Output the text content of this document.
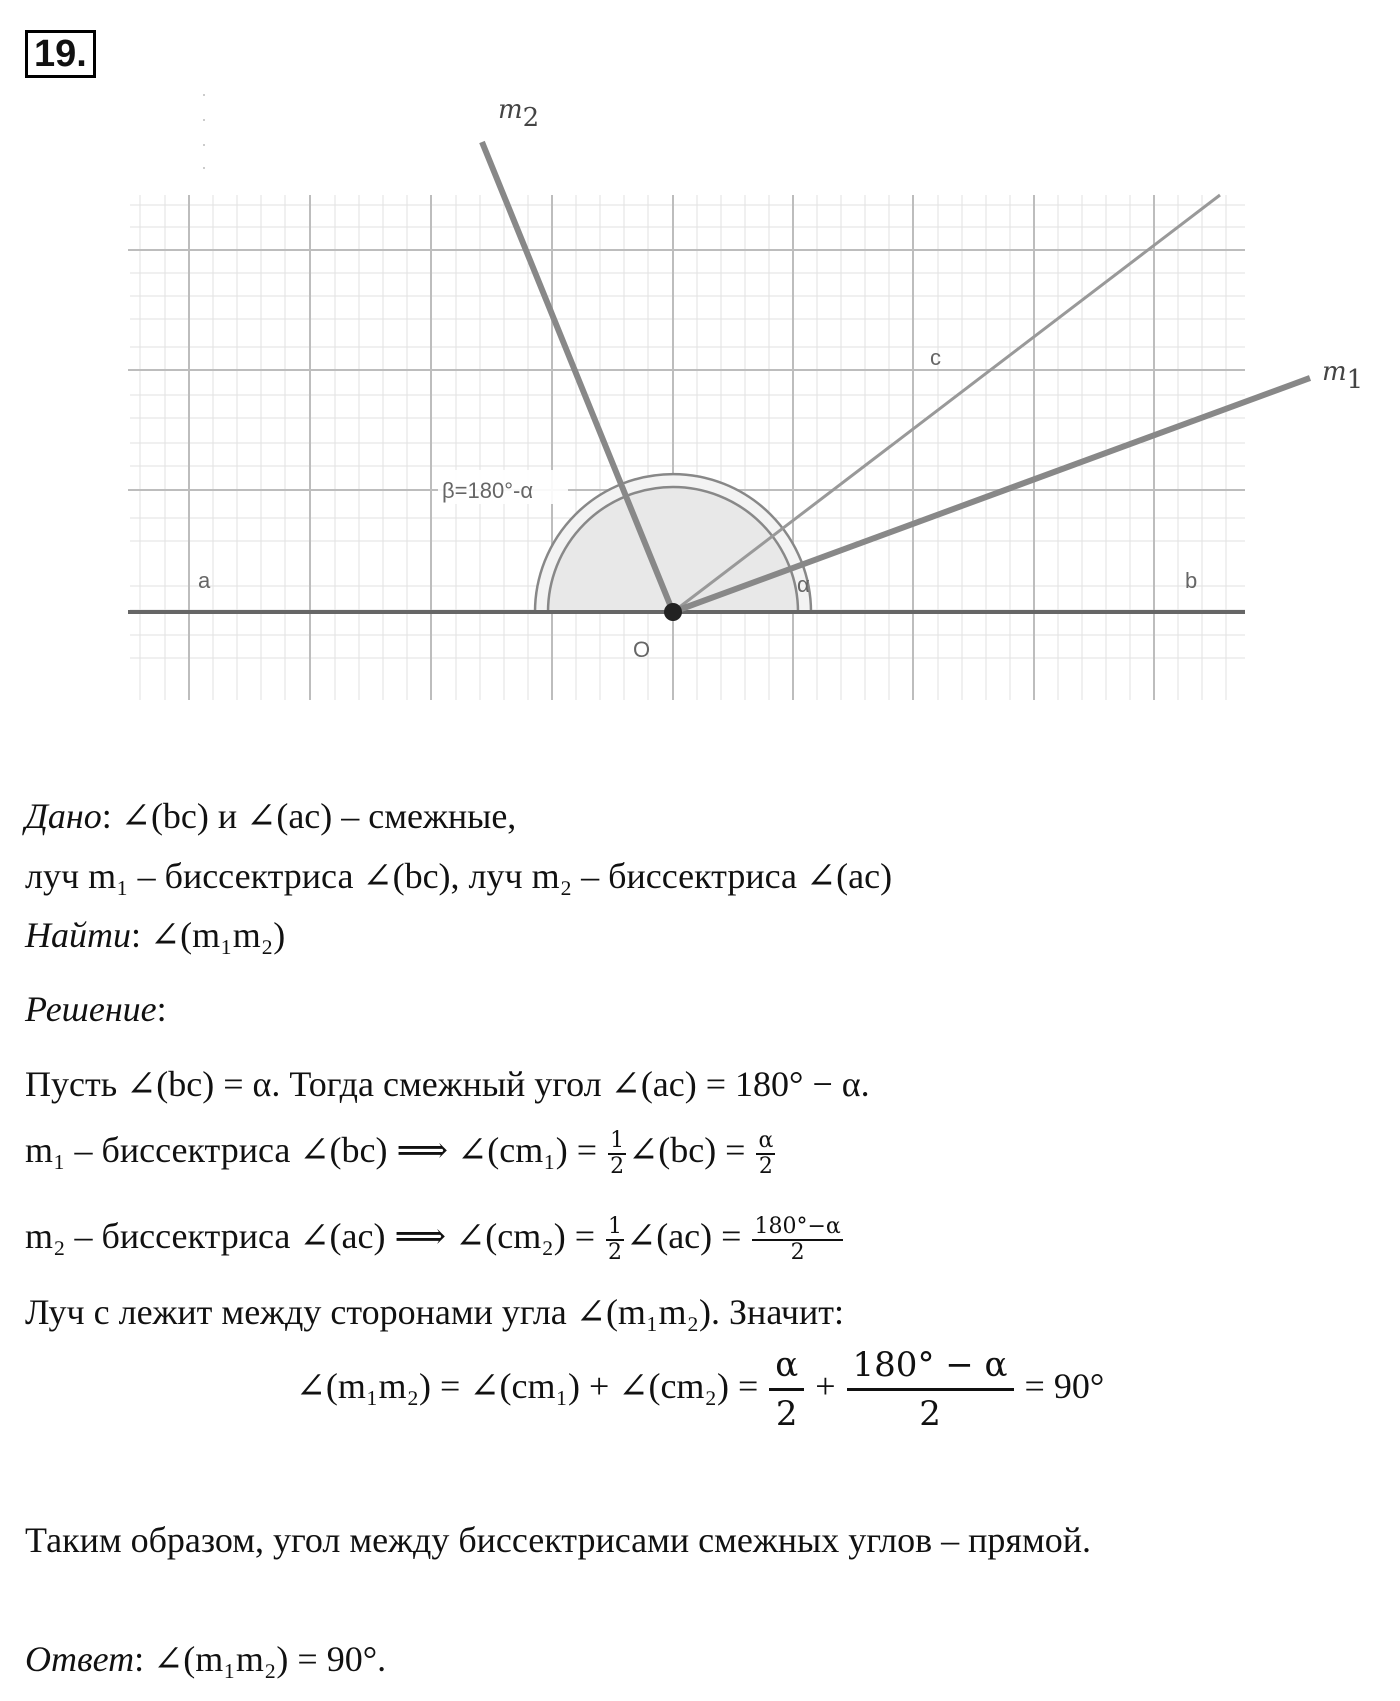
19.
β=180°-α
a	b
c
α
O
m2
m1
Дано: ∠(bc) и ∠(ac) – смежные,
луч m₁ – биссектриса ∠(bc), луч m₂ – биссектриса ∠(ac)
Найти: ∠(m₁m₂)
Решение:
Пусть ∠(bc) = α. Тогда смежный угол ∠(ac) = 180° − α.
m₁ – биссектриса ∠(bc) ⟹ ∠(cm₁) = $\frac{1}{2}$ ∠(bc) = $\frac{\alpha}{2}$
m₂ – биссектриса ∠(ac) ⟹ ∠(cm₂) = $\frac{1}{2}$ ∠(ac) = $\frac{180^\circ-\alpha}{2}$
Луч c лежит между сторонами угла ∠(m₁m₂). Значит:
∠(m₁m₂) = ∠(cm₁) + ∠(cm₂) = $\frac{\alpha}{2} + \frac{180^\circ - \alpha}{2} = 90^\circ$
Таким образом, угол между биссектрисами смежных углов – прямой.
Ответ: ∠(m₁m₂) = 90°.
